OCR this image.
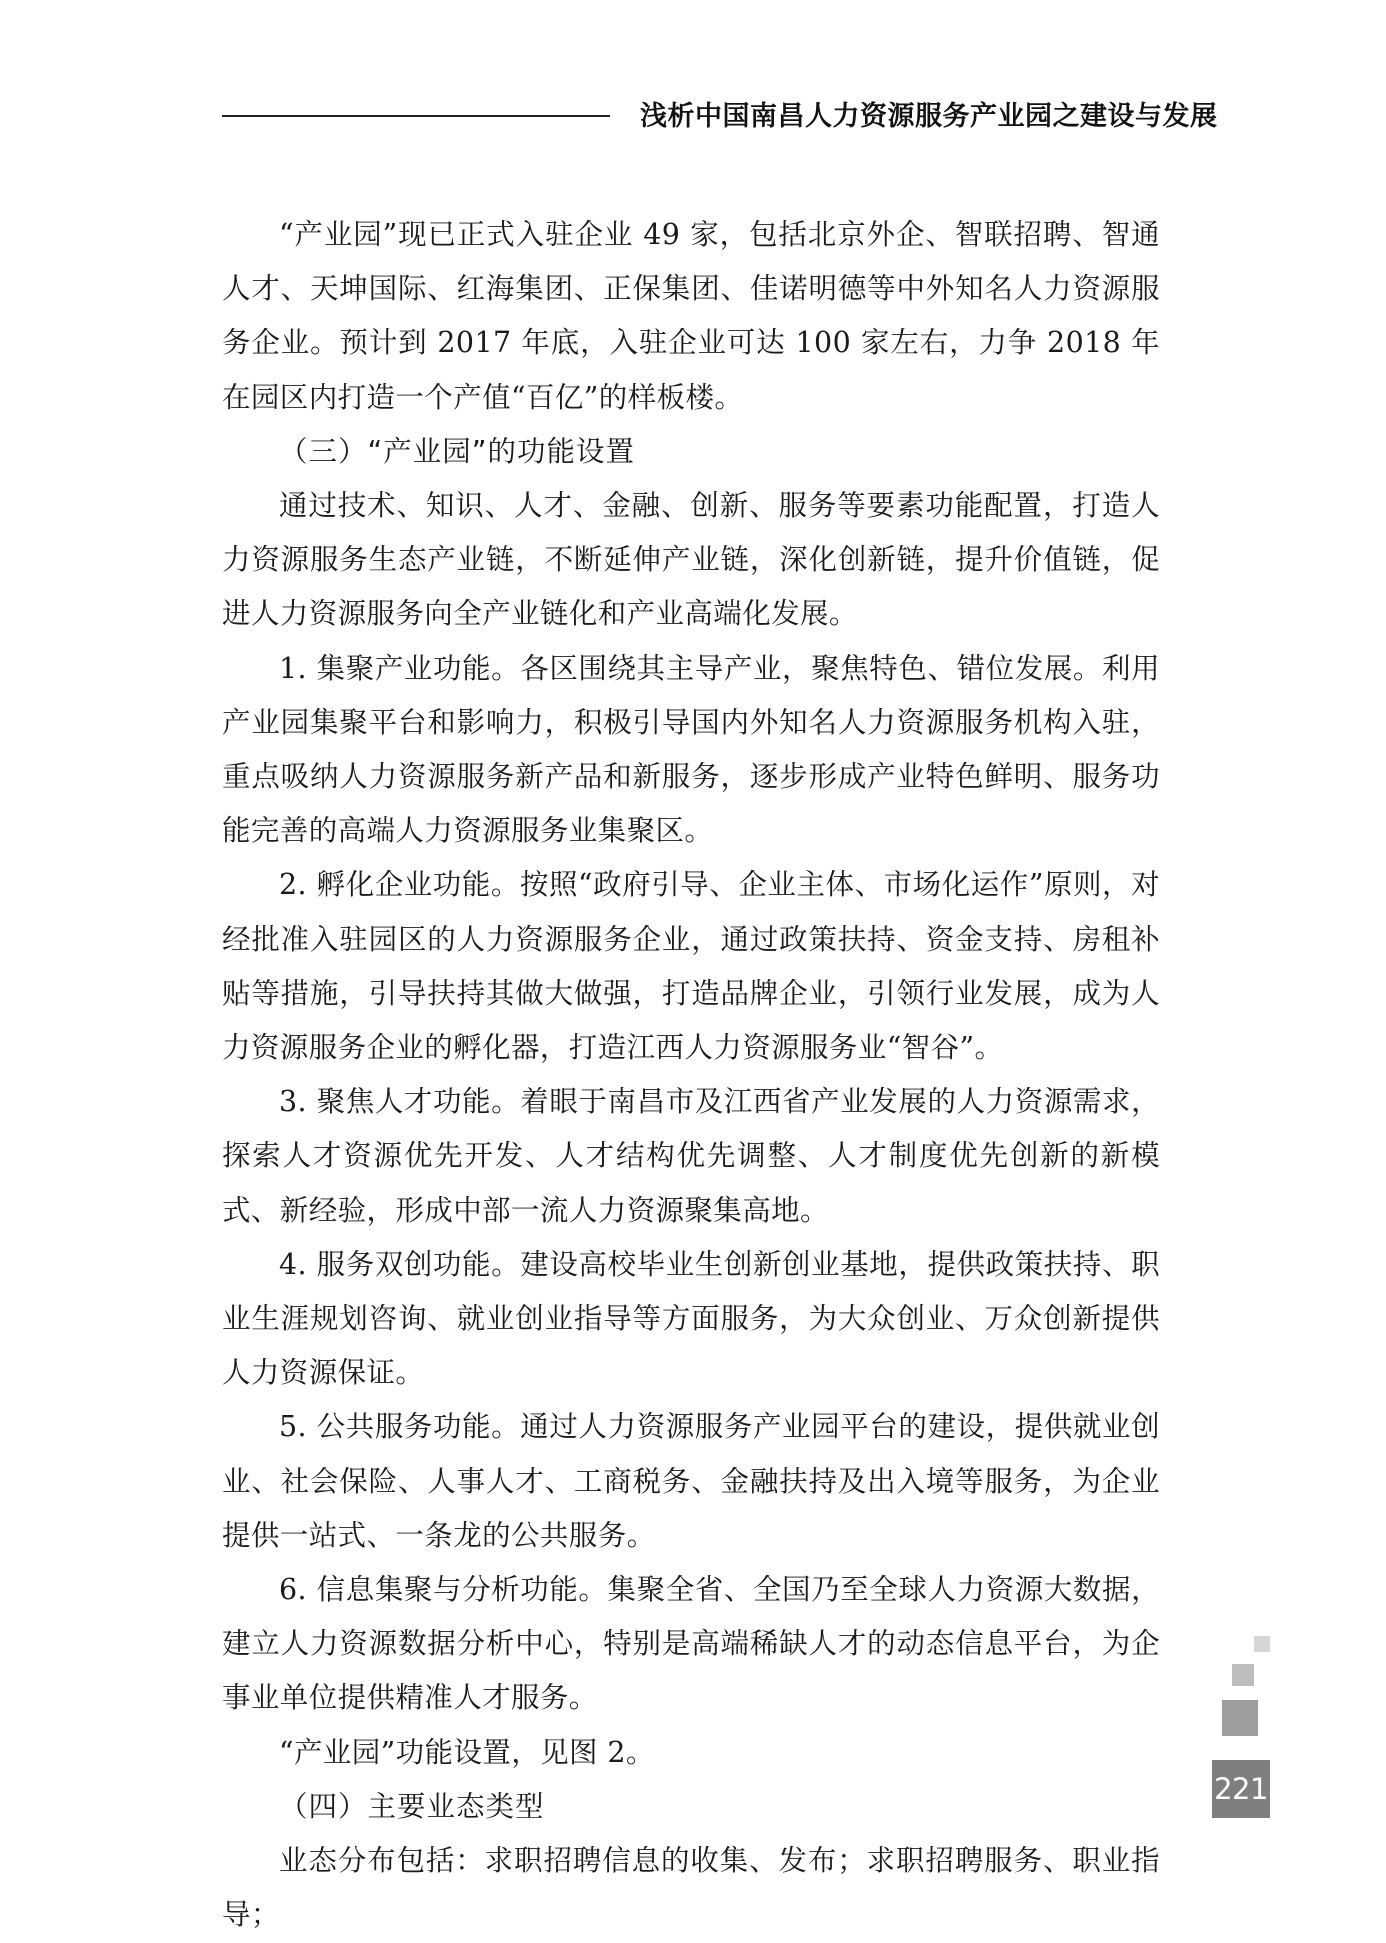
浅析中国南昌人力资源服务产业园之建设与发展

“产业园”现已正式入驻企业 49 家，包括北京外企、智联招聘、智通人才、天坤国际、红海集团、正保集团、佳诺明德等中外知名人力资源服务企业。预计到 2017 年底，入驻企业可达 100 家左右，力争 2018 年在园区内打造一个产值“百亿”的样板楼。

（三）“产业园”的功能设置

通过技术、知识、人才、金融、创新、服务等要素功能配置，打造人力资源服务生态产业链，不断延伸产业链，深化创新链，提升价值链，促进人力资源服务向全产业链化和产业高端化发展。

1. 集聚产业功能。各区围绕其主导产业，聚焦特色、错位发展。利用产业园集聚平台和影响力，积极引导国内外知名人力资源服务机构入驻，重点吸纳人力资源服务新产品和新服务，逐步形成产业特色鲜明、服务功能完善的高端人力资源服务业集聚区。

2. 孵化企业功能。按照“政府引导、企业主体、市场化运作”原则，对经批准入驻园区的人力资源服务企业，通过政策扶持、资金支持、房租补贴等措施，引导扶持其做大做强，打造品牌企业，引领行业发展，成为人力资源服务企业的孵化器，打造江西人力资源服务业“智谷”。

3. 聚焦人才功能。着眼于南昌市及江西省产业发展的人力资源需求，探索人才资源优先开发、人才结构优先调整、人才制度优先创新的新模式、新经验，形成中部一流人力资源聚集高地。

4. 服务双创功能。建设高校毕业生创新创业基地，提供政策扶持、职业生涯规划咨询、就业创业指导等方面服务，为大众创业、万众创新提供人力资源保证。

5. 公共服务功能。通过人力资源服务产业园平台的建设，提供就业创业、社会保险、人事人才、工商税务、金融扶持及出入境等服务，为企业提供一站式、一条龙的公共服务。

6. 信息集聚与分析功能。集聚全省、全国乃至全球人力资源大数据，建立人力资源数据分析中心，特别是高端稀缺人才的动态信息平台，为企事业单位提供精准人才服务。

“产业园”功能设置，见图 2。

（四）主要业态类型

业态分布包括：求职招聘信息的收集、发布；求职招聘服务、职业指导；

221
